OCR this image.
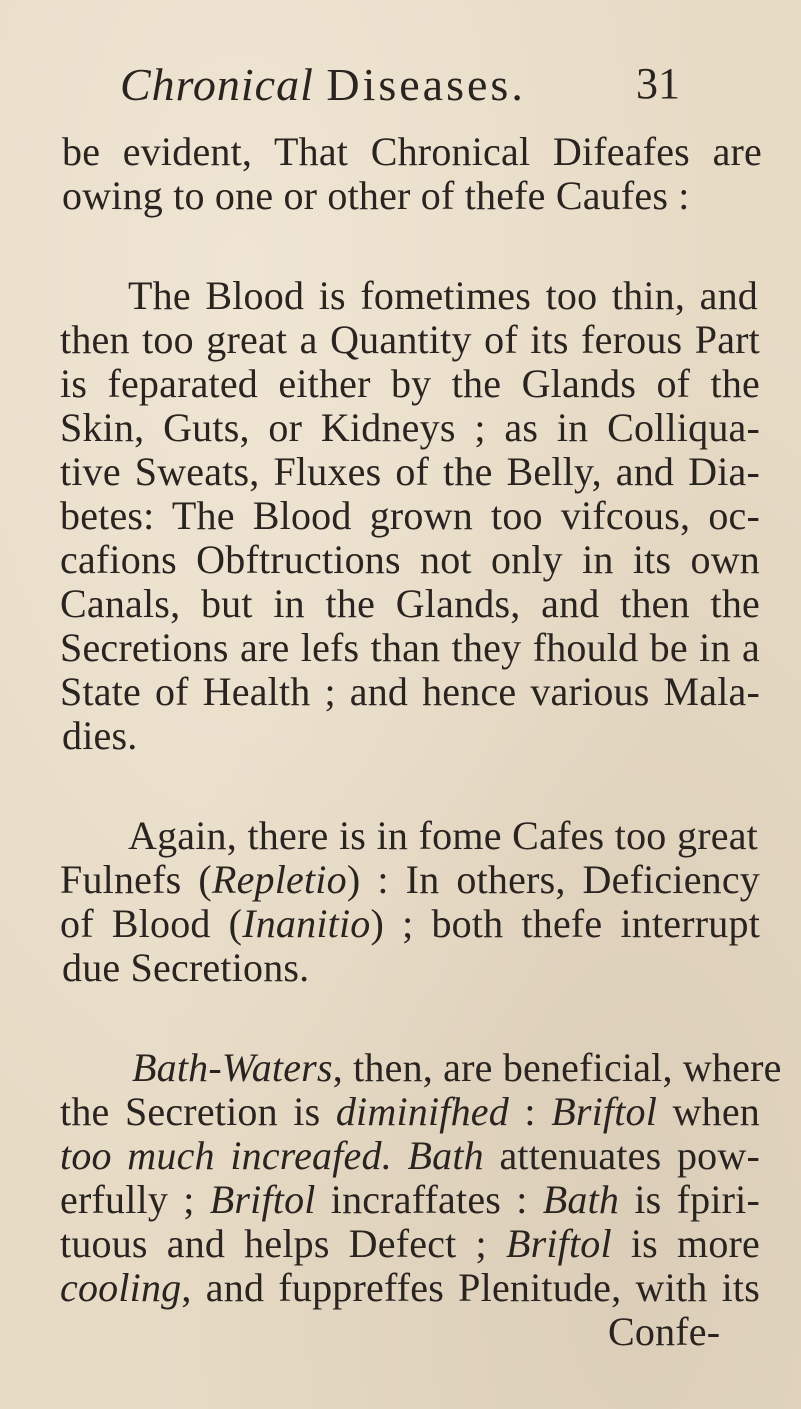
Chronical Diseases.	31
be evident, That Chronical Difeafes are
owing to one or other of thefe Caufes :
The Blood is fometimes too thin, and
then too great a Quantity of its ferous Part
is feparated either by the Glands of the
Skin, Guts, or Kidneys ; as in Colliqua-
tive Sweats, Fluxes of the Belly, and Dia-
betes: The Blood grown too vifcous, oc-
cafions Obftructions not only in its own
Canals, but in the Glands, and then the
Secretions are lefs than they fhould be in a
State of Health ; and hence various Mala-
dies.
Again, there is in fome Cafes too great
Fulnefs (Repletio) : In others, Deficiency
of Blood (Inanitio) ; both thefe interrupt
due Secretions.
Bath-Waters, then, are beneficial, where
the Secretion is diminifhed : Briftol when
too much increafed. Bath attenuates pow-
erfully ; Briftol incraffates : Bath is fpiri-
tuous and helps Defect ; Briftol is more
cooling, and fuppreffes Plenitude, with its
Confe-
